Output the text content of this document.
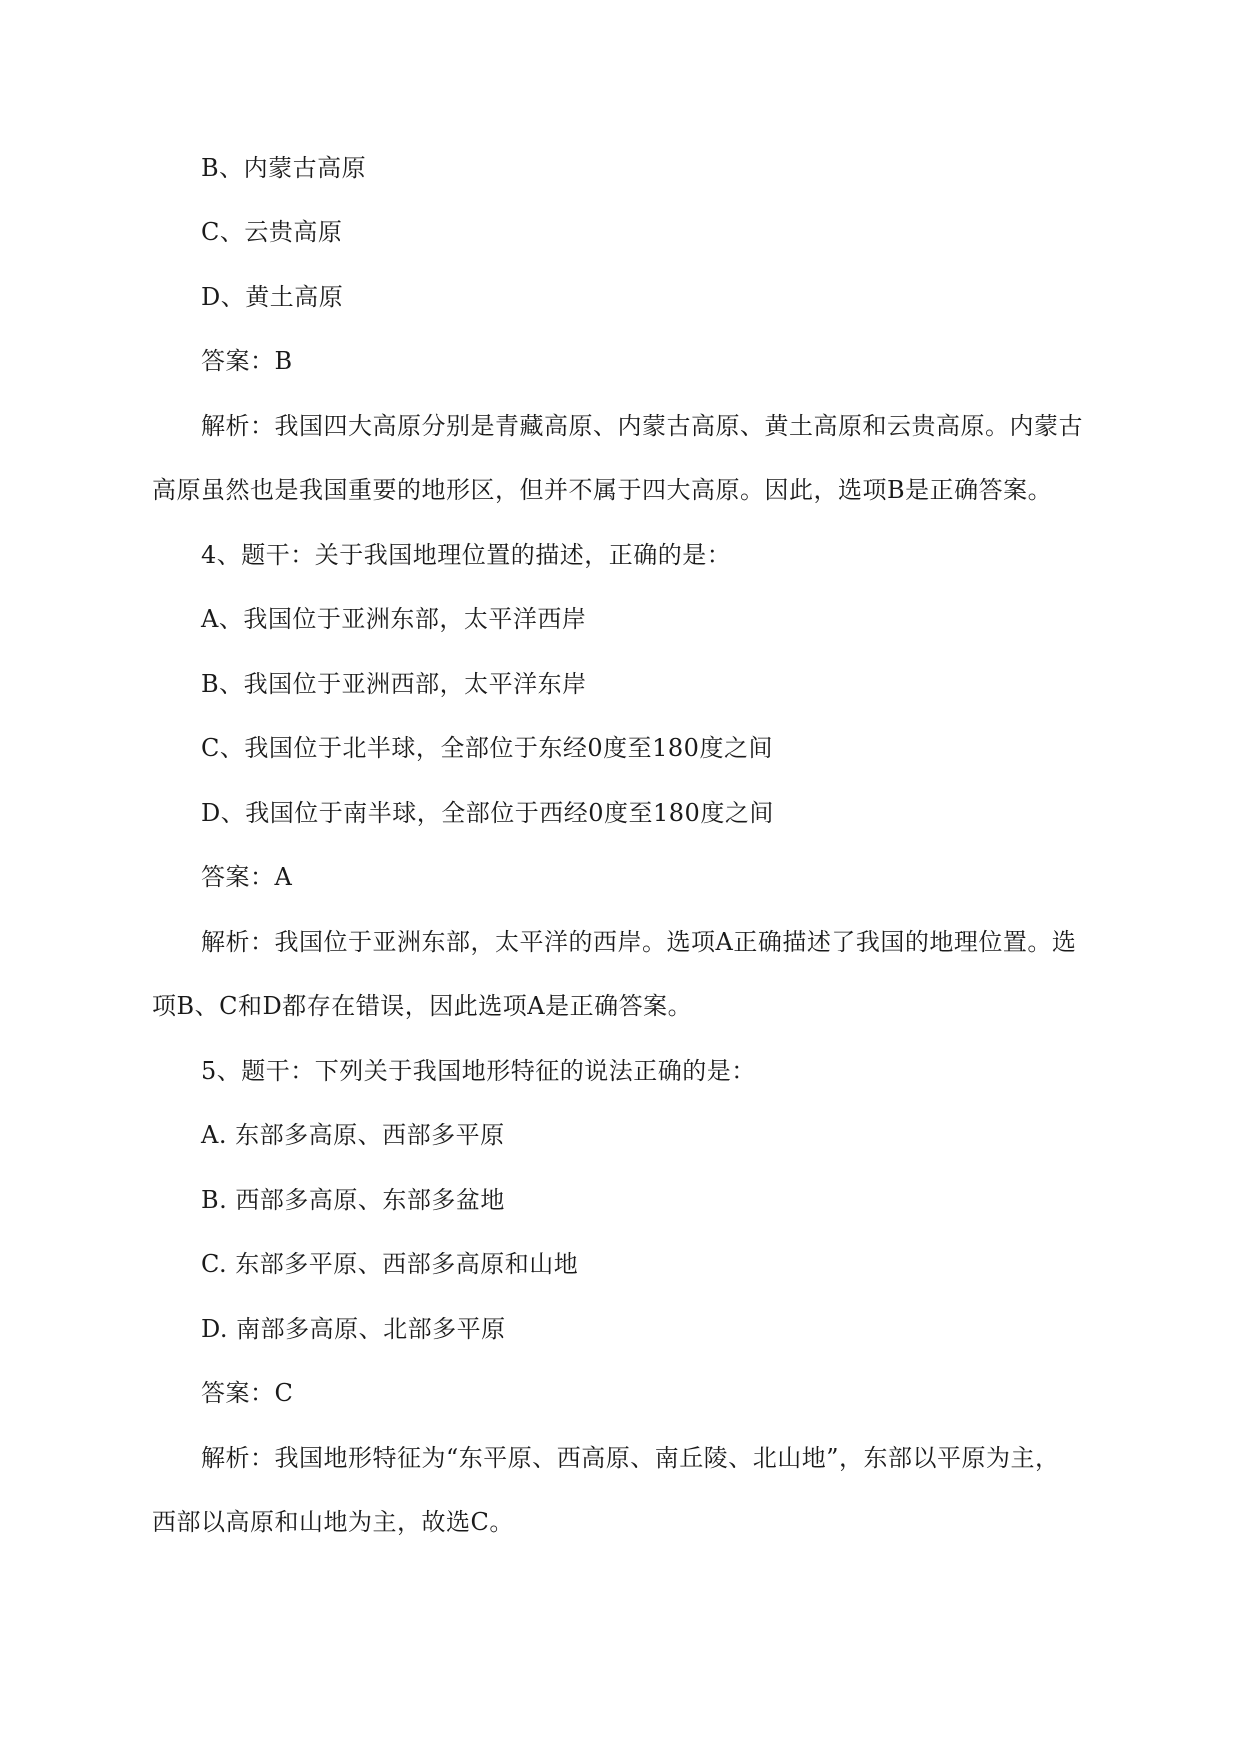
B、内蒙古高原
C、云贵高原
D、黄土高原
答案：B
解析：我国四大高原分别是青藏高原、内蒙古高原、黄土高原和云贵高原。内蒙古
高原虽然也是我国重要的地形区，但并不属于四大高原。因此，选项B是正确答案。
4、题干：关于我国地理位置的描述，正确的是：
A、我国位于亚洲东部，太平洋西岸
B、我国位于亚洲西部，太平洋东岸
C、我国位于北半球，全部位于东经0度至180度之间
D、我国位于南半球，全部位于西经0度至180度之间
答案：A
解析：我国位于亚洲东部，太平洋的西岸。选项A正确描述了我国的地理位置。选
项B、C和D都存在错误，因此选项A是正确答案。
5、题干：下列关于我国地形特征的说法正确的是：
A. 东部多高原、西部多平原
B. 西部多高原、东部多盆地
C. 东部多平原、西部多高原和山地
D. 南部多高原、北部多平原
答案：C
解析：我国地形特征为“东平原、西高原、南丘陵、北山地”，东部以平原为主，
西部以高原和山地为主，故选C。
